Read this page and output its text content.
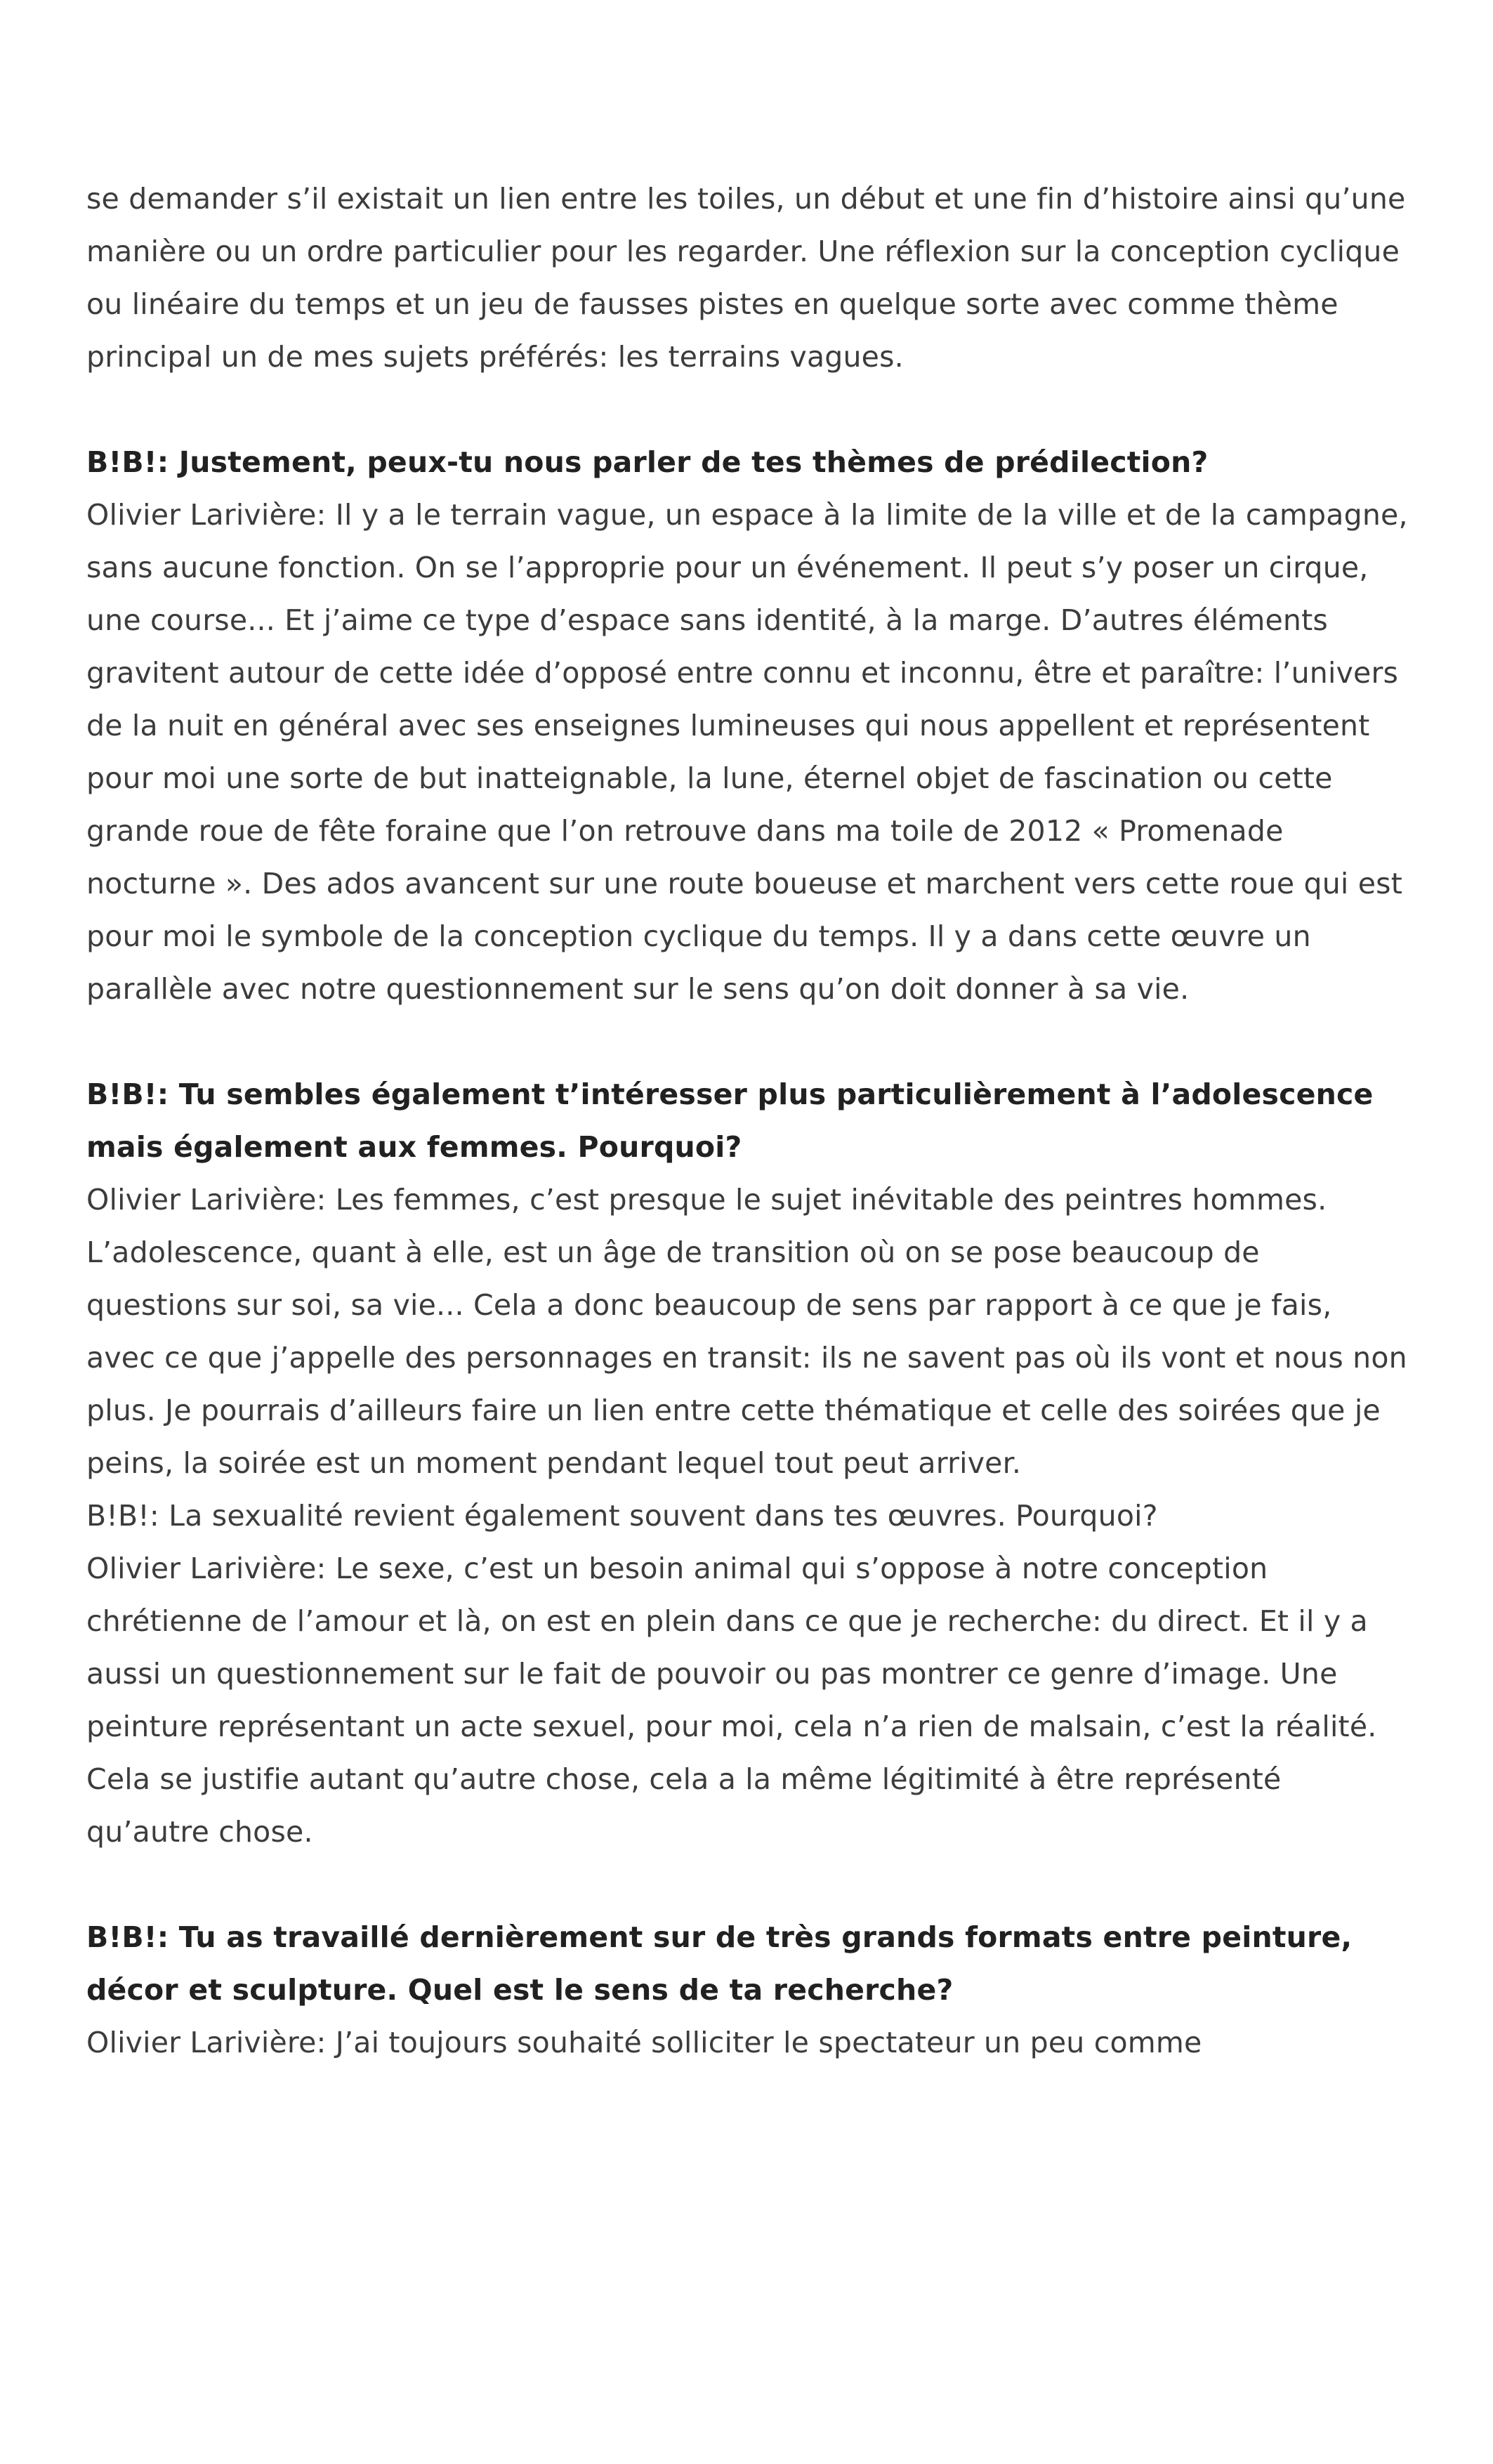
se demander s’il existait un lien entre les toiles, un début et une fin d’histoire ainsi qu’une manière ou un ordre particulier pour les regarder. Une réflexion sur la conception cyclique ou linéaire du temps et un jeu de fausses pistes en quelque sorte avec comme thème principal un de mes sujets préférés: les terrains vagues.

B!B!: Justement, peux-tu nous parler de tes thèmes de prédilection?

Olivier Larivière: Il y a le terrain vague, un espace à la limite de la ville et de la campagne, sans aucune fonction. On se l’approprie pour un événement. Il peut s’y poser un cirque, une course... Et j’aime ce type d’espace sans identité, à la marge. D’autres éléments gravitent autour de cette idée d’opposé entre connu et inconnu, être et paraître: l’univers de la nuit en général avec ses enseignes lumineuses qui nous appellent et représentent pour moi une sorte de but inatteignable, la lune, éternel objet de fascination ou cette grande roue de fête foraine que l’on retrouve dans ma toile de 2012 « Promenade nocturne ». Des ados avancent sur une route boueuse et marchent vers cette roue qui est pour moi le symbole de la conception cyclique du temps. Il y a dans cette œuvre un parallèle avec notre questionnement sur le sens qu’on doit donner à sa vie.

B!B!: Tu sembles également t’intéresser plus particulièrement à l’adolescence mais également aux femmes. Pourquoi?

Olivier Larivière: Les femmes, c’est presque le sujet inévitable des peintres hommes. L’adolescence, quant à elle, est un âge de transition où on se pose beaucoup de questions sur soi, sa vie... Cela a donc beaucoup de sens par rapport à ce que je fais, avec ce que j’appelle des personnages en transit: ils ne savent pas où ils vont et nous non plus. Je pourrais d’ailleurs faire un lien entre cette thématique et celle des soirées que je peins, la soirée est un moment pendant lequel tout peut arriver.

B!B!: La sexualité revient également souvent dans tes œuvres. Pourquoi?

Olivier Larivière: Le sexe, c’est un besoin animal qui s’oppose à notre conception chrétienne de l’amour et là, on est en plein dans ce que je recherche: du direct. Et il y a aussi un questionnement sur le fait de pouvoir ou pas montrer ce genre d’image. Une peinture représentant un acte sexuel, pour moi, cela n’a rien de malsain, c’est la réalité. Cela se justifie autant qu’autre chose, cela a la même légitimité à être représenté qu’autre chose.

B!B!: Tu as travaillé dernièrement sur de très grands formats entre peinture, décor et sculpture. Quel est le sens de ta recherche?

Olivier Larivière: J’ai toujours souhaité solliciter le spectateur un peu comme
